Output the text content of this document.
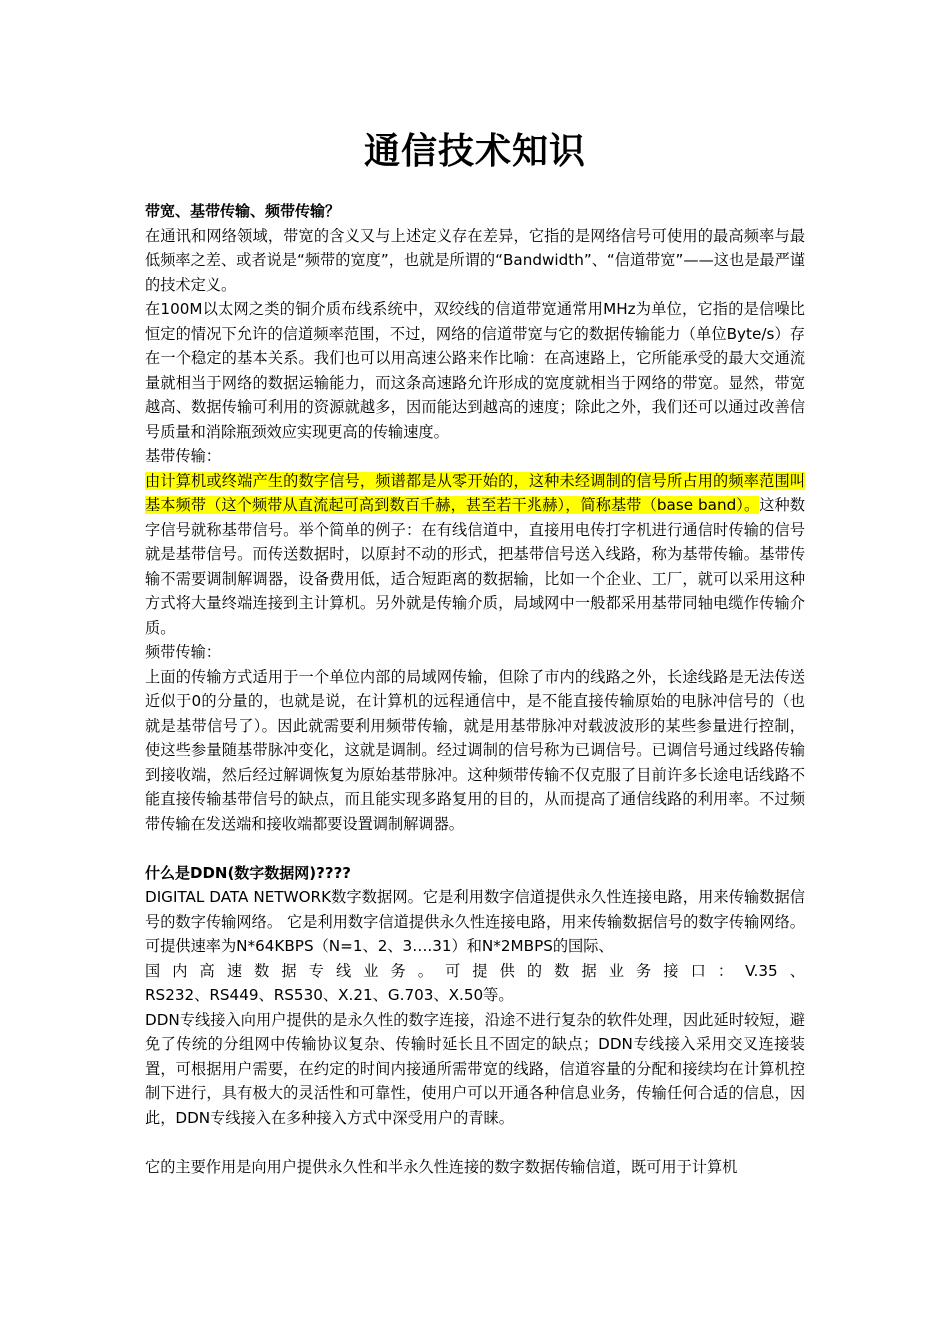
通信技术知识

带宽、基带传输、频带传输？

在通讯和网络领域，带宽的含义又与上述定义存在差异，它指的是网络信号可使用的最高频率与最低频率之差、或者说是“频带的宽度”，也就是所谓的“Bandwidth”、“信道带宽”——这也是最严谨的技术定义。

在100M以太网之类的铜介质布线系统中，双绞线的信道带宽通常用MHz为单位，它指的是信噪比恒定的情况下允许的信道频率范围，不过，网络的信道带宽与它的数据传输能力（单位Byte/s）存在一个稳定的基本关系。我们也可以用高速公路来作比喻：在高速路上，它所能承受的最大交通流量就相当于网络的数据运输能力，而这条高速路允许形成的宽度就相当于网络的带宽。显然，带宽越高、数据传输可利用的资源就越多，因而能达到越高的速度；除此之外，我们还可以通过改善信号质量和消除瓶颈效应实现更高的传输速度。

基带传输：

由计算机或终端产生的数字信号，频谱都是从零开始的，这种未经调制的信号所占用的频率范围叫基本频带（这个频带从直流起可高到数百千赫，甚至若干兆赫），简称基带（base band）。这种数字信号就称基带信号。举个简单的例子：在有线信道中，直接用电传打字机进行通信时传输的信号就是基带信号。而传送数据时，以原封不动的形式，把基带信号送入线路，称为基带传输。基带传输不需要调制解调器，设备费用低，适合短距离的数据输，比如一个企业、工厂，就可以采用这种方式将大量终端连接到主计算机。另外就是传输介质，局域网中一般都采用基带同轴电缆作传输介质。

频带传输：

上面的传输方式适用于一个单位内部的局域网传输，但除了市内的线路之外，长途线路是无法传送近似于0的分量的，也就是说，在计算机的远程通信中，是不能直接传输原始的电脉冲信号的（也就是基带信号了）。因此就需要利用频带传输，就是用基带脉冲对载波波形的某些参量进行控制，使这些参量随基带脉冲变化，这就是调制。经过调制的信号称为已调信号。已调信号通过线路传输到接收端，然后经过解调恢复为原始基带脉冲。这种频带传输不仅克服了目前许多长途电话线路不能直接传输基带信号的缺点，而且能实现多路复用的目的，从而提高了通信线路的利用率。不过频带传输在发送端和接收端都要设置调制解调器。

什么是DDN(数字数据网)????

DIGITAL DATA NETWORK数字数据网。它是利用数字信道提供永久性连接电路，用来传输数据信号的数字传输网络。 它是利用数字信道提供永久性连接电路，用来传输数据信号的数字传输网络。 可提供速率为N*64KBPS（N=1、2、3….31）和N*2MBPS的国际、

国内高速数据专线业务。可提供的数据业务接口：V.35、

RS232、RS449、RS530、X.21、G.703、X.50等。

DDN专线接入向用户提供的是永久性的数字连接，沿途不进行复杂的软件处理，因此延时较短，避免了传统的分组网中传输协议复杂、传输时延长且不固定的缺点；DDN专线接入采用交叉连接装置，可根据用户需要，在约定的时间内接通所需带宽的线路，信道容量的分配和接续均在计算机控制下进行，具有极大的灵活性和可靠性，使用户可以开通各种信息业务，传输任何合适的信息，因此，DDN专线接入在多种接入方式中深受用户的青睐。

它的主要作用是向用户提供永久性和半永久性连接的数字数据传输信道，既可用于计算机
